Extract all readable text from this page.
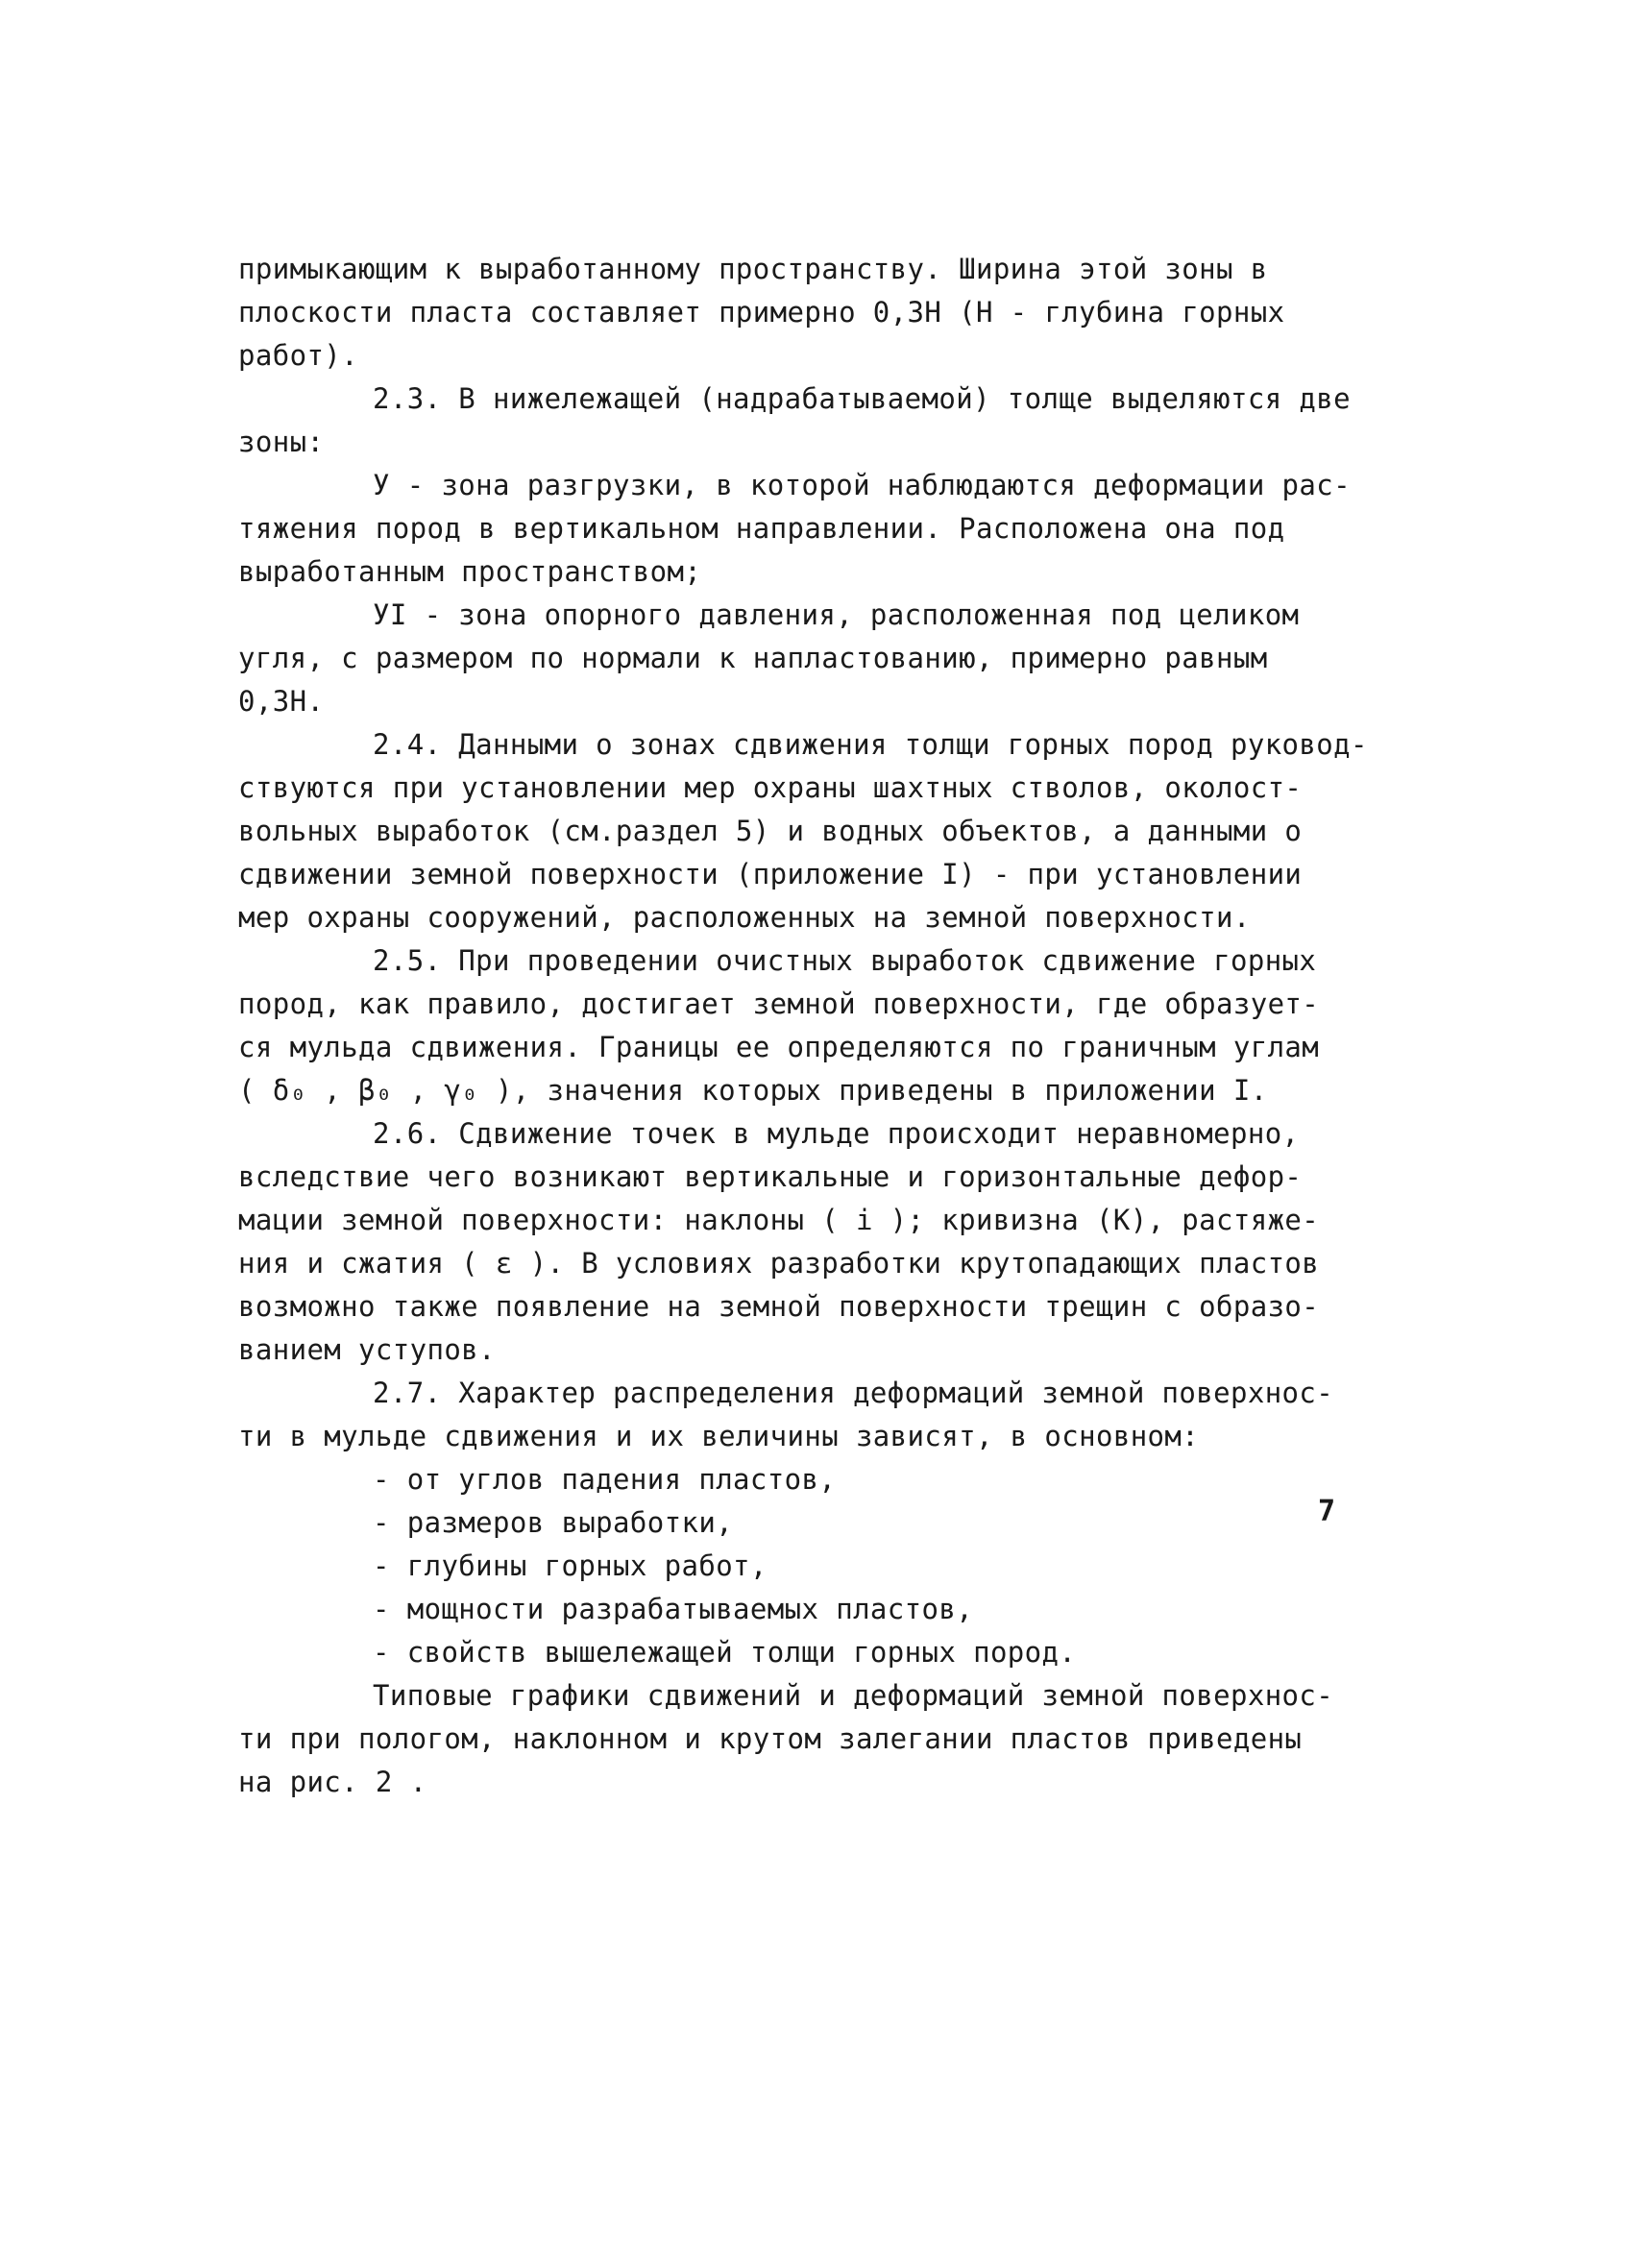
примыкающим к выработанному пространству. Ширина этой зоны в
плоскости пласта составляет примерно 0,3Н (Н - глубина горных
работ).
2.3. В нижележащей (надрабатываемой) толще выделяются две
зоны:
У - зона разгрузки, в которой наблюдаются деформации рас-
тяжения пород в вертикальном направлении. Расположена она под
выработанным пространством;
УI - зона опорного давления, расположенная под целиком
угля, с размером по нормали к напластованию, примерно равным
0,3Н.
2.4. Данными о зонах сдвижения толщи горных пород руковод-
ствуются при установлении мер охраны шахтных стволов, околост-
вольных выработок (см.раздел 5) и водных объектов, а данными о
сдвижении земной поверхности (приложение I) - при установлении
мер охраны сооружений, расположенных на земной поверхности.
2.5. При проведении очистных выработок сдвижение горных
пород, как правило, достигает земной поверхности, где образует-
ся мульда сдвижения. Границы ее определяются по граничным углам
( δ₀ , β₀ , γ₀ ), значения которых приведены в приложении I.
2.6. Сдвижение точек в мульде происходит неравномерно,
вследствие чего возникают вертикальные и горизонтальные дефор-
мации земной поверхности: наклоны ( i ); кривизна (К), растяже-
ния и сжатия ( ε ). В условиях разработки крутопадающих пластов
возможно также появление на земной поверхности трещин с образо-
ванием уступов.
2.7. Характер распределения деформаций земной поверхнос-
ти в мульде сдвижения и их величины зависят, в основном:
- от углов падения пластов,
- размеров выработки,
- глубины горных работ,
- мощности разрабатываемых пластов,
- свойств вышележащей толщи горных пород.
Типовые графики сдвижений и деформаций земной поверхнос-
ти при пологом, наклонном и крутом залегании пластов приведены
на рис. 2 .
7
